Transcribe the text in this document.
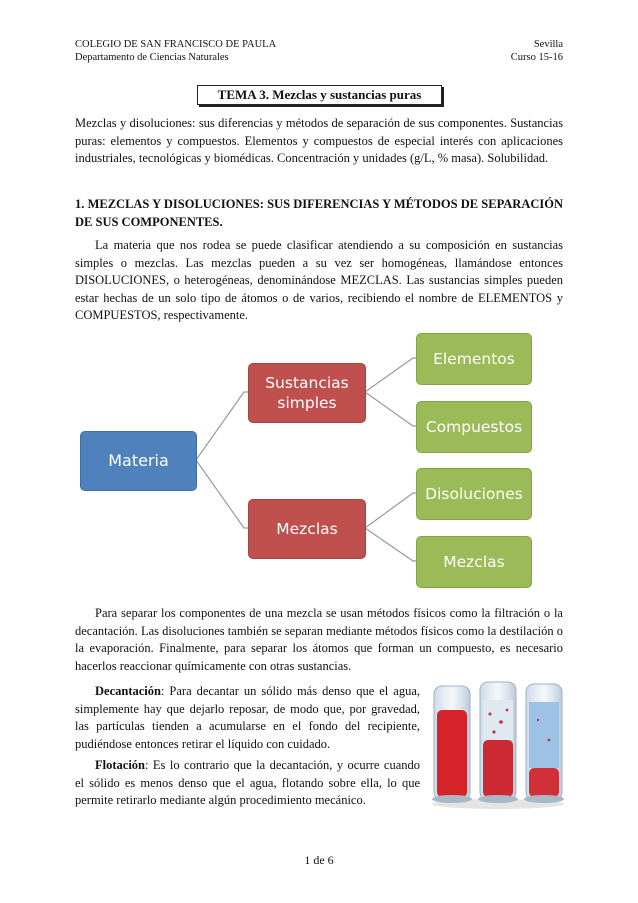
COLEGIO DE SAN FRANCISCO DE PAULA
Departamento de Ciencias Naturales
Sevilla
Curso 15-16
TEMA 3. Mezclas y sustancias puras

Mezclas y disoluciones: sus diferencias y métodos de separación de sus componentes. Sustancias puras: elementos y compuestos. Elementos y compuestos de especial interés con aplicaciones industriales, tecnológicas y biomédicas. Concentración y unidades (g/L, % masa). Solubilidad.

1. MEZCLAS Y DISOLUCIONES: SUS DIFERENCIAS Y MÉTODOS DE SEPARACIÓN DE SUS COMPONENTES.

La materia que nos rodea se puede clasificar atendiendo a su composición en sustancias simples o mezclas. Las mezclas pueden a su vez ser homogéneas, llamándose entonces DISOLUCIONES, o heterogéneas, denominándose MEZCLAS. Las sustancias simples pueden estar hechas de un solo tipo de átomos o de varios, recibiendo el nombre de ELEMENTOS y COMPUESTOS, respectivamente.

Materia
Sustancias simples
Mezclas
Elementos
Compuestos
Disoluciones
Mezclas

Para separar los componentes de una mezcla se usan métodos físicos como la filtración o la decantación. Las disoluciones también se separan mediante métodos físicos como la destilación o la evaporación. Finalmente, para separar los átomos que forman un compuesto, es necesario hacerlos reaccionar químicamente con otras sustancias.

Decantación: Para decantar un sólido más denso que el agua, simplemente hay que dejarlo reposar, de modo que, por gravedad, las partículas tienden a acumularse en el fondo del recipiente, pudiéndose entonces retirar el líquido con cuidado.

Flotación: Es lo contrario que la decantación, y ocurre cuando el sólido es menos denso que el agua, flotando sobre ella, lo que permite retirarlo mediante algún procedimiento mecánico.

1 de 6
